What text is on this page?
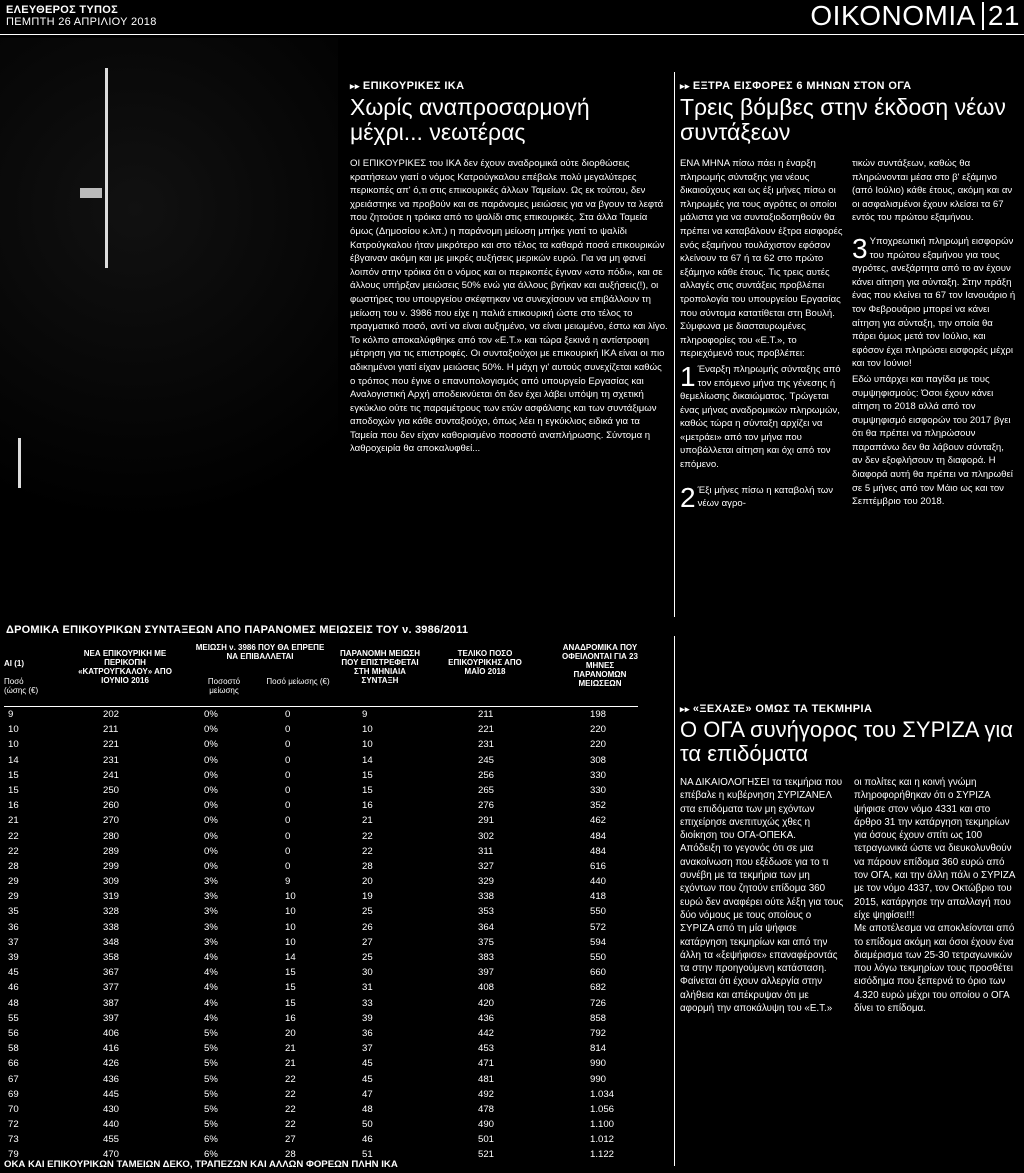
ΕΛΕΥΘΕΡΟΣ ΤΥΠΟΣ
ΠΕΜΠΤΗ 26 ΑΠΡΙΛΙΟΥ 2018	ΟΙΚΟΝΟΜΙΑ 21
▸▸ ΕΠΙΚΟΥΡΙΚΕΣ ΙΚΑ
Χωρίς αναπροσαρμογή μέχρι... νεωτέρας

ΟΙ ΕΠΙΚΟΥΡΙΚΕΣ του ΙΚΑ δεν έχουν αναδρομικά ούτε διορθώσεις κρατήσεων γιατί ο νόμος Κατρούγκαλου επέβαλε πολύ μεγαλύτερες περικοπές απ' ό,τι στις επικουρικές άλλων Ταμείων. Ως εκ τούτου, δεν χρειάστηκε να προβούν και σε παράνομες μειώσεις για να βγουν τα λεφτά που ζητούσε η τρόικα από το ψαλίδι στις επικουρικές. Στα άλλα Ταμεία όμως (Δημοσίου κ.λπ.) η παράνομη μείωση μπήκε γιατί το ψαλίδι Κατρούγκαλου ήταν μικρότερο και στο τέλος τα καθαρά ποσά επικουρικών έβγαιναν ακόμη και με μικρές αυξήσεις μερικών ευρώ. Για να μη φανεί λοιπόν στην τρόικα ότι ο νόμος και οι περικοπές έγιναν «στο πόδι», και σε άλλους υπήρξαν μειώσεις 50% ενώ για άλλους βγήκαν και αυξήσεις(!), οι φωστήρες του υπουργείου σκέφτηκαν να συνεχίσουν να επιβάλλουν τη μείωση του ν. 3986 που είχε η παλιά επικουρική ώστε στο τέλος το πραγματικό ποσό, αντί να είναι αυξημένο, να είναι μειωμένο, έστω και λίγο. Το κόλπο αποκαλύφθηκε από τον «Ε.Τ.» και τώρα ξεκινά η αντίστροφη μέτρηση για τις επιστροφές. Οι συνταξιούχοι με επικουρική ΙΚΑ είναι οι πιο αδικημένοι γιατί είχαν μειώσεις 50%. Η μάχη γι' αυτούς συνεχίζεται καθώς ο τρόπος που έγινε ο επανυπολογισμός από υπουργείο Εργασίας και Αναλογιστική Αρχή αποδεικνύεται ότι δεν έχει λάβει υπόψη τη σχετική εγκύκλιο ούτε τις παραμέτρους των ετών ασφάλισης και των συντάξιμων αποδοχών για κάθε συνταξιούχο, όπως λέει η εγκύκλιος ειδικά για τα Ταμεία που δεν είχαν καθορισμένο ποσοστό αναπλήρωσης. Σύντομα η λαθροχειρία θα αποκαλυφθεί...

▸▸ ΕΞΤΡΑ ΕΙΣΦΟΡΕΣ 6 ΜΗΝΩΝ ΣΤΟΝ ΟΓΑ
Τρεις βόμβες στην έκδοση νέων συντάξεων

ΕΝΑ ΜΗΝΑ πίσω πάει η έναρξη πληρωμής σύνταξης για νέους δικαιούχους και ως έξι μήνες πίσω οι πληρωμές για τους αγρότες οι οποίοι μάλιστα για να συνταξιοδοτηθούν θα πρέπει να καταβάλουν έξτρα εισφορές ενός εξαμήνου τουλάχιστον εφόσον κλείνουν τα 67 ή τα 62 στο πρώτο εξάμηνο κάθε έτους. Τις τρεις αυτές αλλαγές στις συντάξεις προβλέπει τροπολογία του υπουργείου Εργασίας που σύντομα κατατίθεται στη Βουλή. Σύμφωνα με διασταυρωμένες πληροφορίες του «Ε.Τ.», το περιεχόμενό τους προβλέπει:

1 Έναρξη πληρωμής σύνταξης από τον επόμενο μήνα της γένεσης ή θεμελίωσης δικαιώματος. Τρώγεται ένας μήνας αναδρομικών πληρωμών, καθώς τώρα η σύνταξη αρχίζει να «μετράει» από τον μήνα που υποβάλλεται αίτηση και όχι από τον επόμενο.

2 Έξι μήνες πίσω η καταβολή των νέων αγρο-

τικών συντάξεων, καθώς θα πληρώνονται μέσα στο β' εξάμηνο (από Ιούλιο) κάθε έτους, ακόμη και αν οι ασφαλισμένοι έχουν κλείσει τα 67 εντός του πρώτου εξαμήνου.

3 Υποχρεωτική πληρωμή εισφορών του πρώτου εξαμήνου για τους αγρότες, ανεξάρτητα από το αν έχουν κάνει αίτηση για σύνταξη. Στην πράξη ένας που κλείνει τα 67 τον Ιανουάριο ή τον Φεβρουάριο μπορεί να κάνει αίτηση για σύνταξη, την οποία θα πάρει όμως μετά τον Ιούλιο, και εφόσον έχει πληρώσει εισφορές μέχρι και τον Ιούνιο!

Εδώ υπάρχει και παγίδα με τους συμψηφισμούς: Όσοι έχουν κάνει αίτηση το 2018 αλλά από τον συμψηφισμό εισφορών του 2017 βγει ότι θα πρέπει να πληρώσουν παραπάνω δεν θα λάβουν σύνταξη, αν δεν εξοφλήσουν τη διαφορά. Η διαφορά αυτή θα πρέπει να πληρωθεί σε 5 μήνες από τον Μάιο ως και τον Σεπτέμβριο του 2018.

▸▸ «ΞΕΧΑΣΕ» ΟΜΩΣ ΤΑ ΤΕΚΜΗΡΙΑ
Ο ΟΓΑ συνήγορος του ΣΥΡΙΖΑ για τα επιδόματα

ΝΑ ΔΙΚΑΙΟΛΟΓΗΣΕΙ τα τεκμήρια που επέβαλε η κυβέρνηση ΣΥΡΙΖΑΝΕΛ στα επιδόματα των μη εχόντων επιχείρησε ανεπιτυχώς χθες η διοίκηση του ΟΓΑ-ΟΠΕΚΑ.

Απόδειξη το γεγονός ότι σε μια ανακοίνωση που εξέδωσε για το τι συνέβη με τα τεκμήρια των μη εχόντων που ζητούν επίδομα 360 ευρώ δεν αναφέρει ούτε λέξη για τους δύο νόμους με τους οποίους ο ΣΥΡΙΖΑ από τη μία ψήφισε κατάργηση τεκμηρίων και από την άλλη τα «ξεψήφισε» επαναφέροντάς τα στην προηγούμενη κατάσταση.

Φαίνεται ότι έχουν αλλεργία στην αλήθεια και απέκρυψαν ότι με αφορμή την αποκάλυψη του «Ε.Τ.»

οι πολίτες και η κοινή γνώμη πληροφορήθηκαν ότι ο ΣΥΡΙΖΑ ψήφισε στον νόμο 4331 και στο άρθρο 31 την κατάργηση τεκμηρίων για όσους έχουν σπίτι ως 100 τετραγωνικά ώστε να διευκολυνθούν να πάρουν επίδομα 360 ευρώ από τον ΟΓΑ, και την άλλη πάλι ο ΣΥΡΙΖΑ με τον νόμο 4337, τον Οκτώβριο του 2015, κατάργησε την απαλλαγή που είχε ψηφίσει!!!

Με αποτέλεσμα να αποκλείονται από το επίδομα ακόμη και όσοι έχουν ένα διαμέρισμα των 25-30 τετραγωνικών που λόγω τεκμηρίων τους προσθέτει εισόδημα που ξεπερνά το όριο των 4.320 ευρώ μέχρι του οποίου ο ΟΓΑ δίνει το επίδομα.

ΔΡΟΜΙΚΑ ΕΠΙΚΟΥΡΙΚΩΝ ΣΥΝΤΑΞΕΩΝ ΑΠΟ ΠΑΡΑΝΟΜΕΣ ΜΕΙΩΣΕΙΣ ΤΟΥ ν. 3986/2011
ΑΙ (1)
Ποσό (ώσης (€)
ΝΕΑ ΕΠΙΚΟΥΡΙΚΗ ΜΕ ΠΕΡΙΚΟΠΗ «ΚΑΤΡΟΥΓΚΑΛΟΥ» ΑΠΟ ΙΟΥΝΙΟ 2016
ΜΕΙΩΣΗ ν. 3986 ΠΟΥ ΘΑ ΕΠΡΕΠΕ ΝΑ ΕΠΙΒΑΛΛΕΤΑΙ
Ποσοστό μείωσης
Ποσό μείωσης (€)
ΠΑΡΑΝΟΜΗ ΜΕΙΩΣΗ ΠΟΥ ΕΠΙΣΤΡΕΦΕΤΑΙ ΣΤΗ ΜΗΝΙΑΙΑ ΣΥΝΤΑΞΗ
ΤΕΛΙΚΟ ΠΟΣΟ ΕΠΙΚΟΥΡΙΚΗΣ ΑΠΟ ΜΑΪΟ 2018
ΑΝΑΔΡΟΜΙΚΑ ΠΟΥ ΟΦΕΙΛΟΝΤΑΙ ΓΙΑ 23 ΜΗΝΕΣ ΠΑΡΑΝΟΜΩΝ ΜΕΙΩΣΕΩΝ
9	202	0%	0	9	211	198
10	211	0%	0	10	221	220
10	221	0%	0	10	231	220
14	231	0%	0	14	245	308
15	241	0%	0	15	256	330
15	250	0%	0	15	265	330
16	260	0%	0	16	276	352
21	270	0%	0	21	291	462
22	280	0%	0	22	302	484
22	289	0%	0	22	311	484
28	299	0%	0	28	327	616
29	309	3%	9	20	329	440
29	319	3%	10	19	338	418
35	328	3%	10	25	353	550
36	338	3%	10	26	364	572
37	348	3%	10	27	375	594
39	358	4%	14	25	383	550
45	367	4%	15	30	397	660
46	377	4%	15	31	408	682
48	387	4%	15	33	420	726
55	397	4%	16	39	436	858
56	406	5%	20	36	442	792
58	416	5%	21	37	453	814
66	426	5%	21	45	471	990
67	436	5%	22	45	481	990
69	445	5%	22	47	492	1.034
70	430	5%	22	48	478	1.056
72	440	5%	22	50	490	1.100
73	455	6%	27	46	501	1.012
79	470	6%	28	51	521	1.122
ΟΚΑ ΚΑΙ ΕΠΙΚΟΥΡΙΚΩΝ ΤΑΜΕΙΩΝ ΔΕΚΟ, ΤΡΑΠΕΖΩΝ ΚΑΙ ΑΛΛΩΝ ΦΟΡΕΩΝ ΠΛΗΝ ΙΚΑ
